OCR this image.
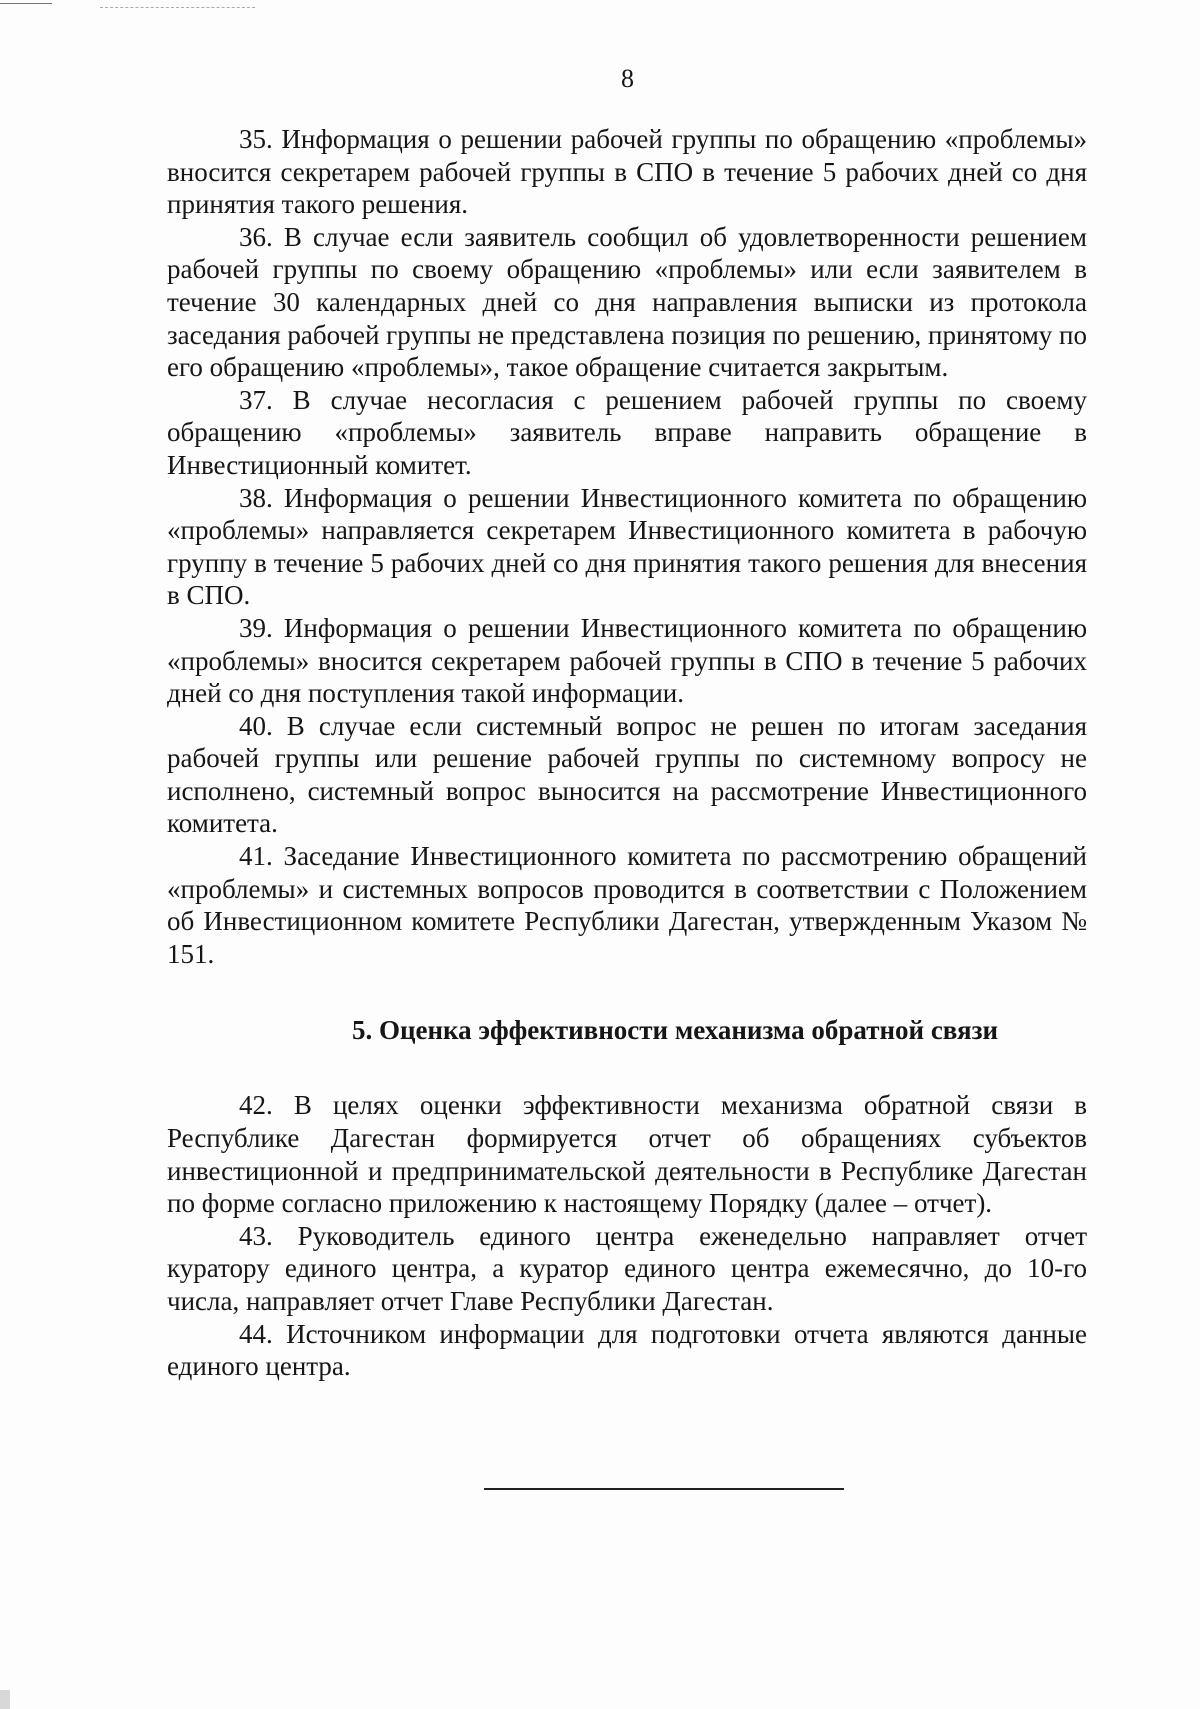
8

35. Информация о решении рабочей группы по обращению «проблемы» вносится секретарем рабочей группы в СПО в течение 5 рабочих дней со дня принятия такого решения.

36. В случае если заявитель сообщил об удовлетворенности решением рабочей группы по своему обращению «проблемы» или если заявителем в течение 30 календарных дней со дня направления выписки из протокола заседания рабочей группы не представлена позиция по решению, принятому по его обращению «проблемы», такое обращение считается закрытым.

37. В случае несогласия с решением рабочей группы по своему обращению «проблемы» заявитель вправе направить обращение в Инвестиционный комитет.

38. Информация о решении Инвестиционного комитета по обращению «проблемы» направляется секретарем Инвестиционного комитета в рабочую группу в течение 5 рабочих дней со дня принятия такого решения для внесения в СПО.

39. Информация о решении Инвестиционного комитета по обращению «проблемы» вносится секретарем рабочей группы в СПО в течение 5 рабочих дней со дня поступления такой информации.

40. В случае если системный вопрос не решен по итогам заседания рабочей группы или решение рабочей группы по системному вопросу не исполнено, системный вопрос выносится на рассмотрение Инвестиционного комитета.

41. Заседание Инвестиционного комитета по рассмотрению обращений «проблемы» и системных вопросов проводится в соответствии с Положением об Инвестиционном комитете Республики Дагестан, утвержденным Указом № 151.

5. Оценка эффективности механизма обратной связи

42. В целях оценки эффективности механизма обратной связи в Республике Дагестан формируется отчет об обращениях субъектов инвестиционной и предпринимательской деятельности в Республике Дагестан по форме согласно приложению к настоящему Порядку (далее – отчет).

43. Руководитель единого центра еженедельно направляет отчет куратору единого центра, а куратор единого центра ежемесячно, до 10-го числа, направляет отчет Главе Республики Дагестан.

44. Источником информации для подготовки отчета являются данные единого центра.
